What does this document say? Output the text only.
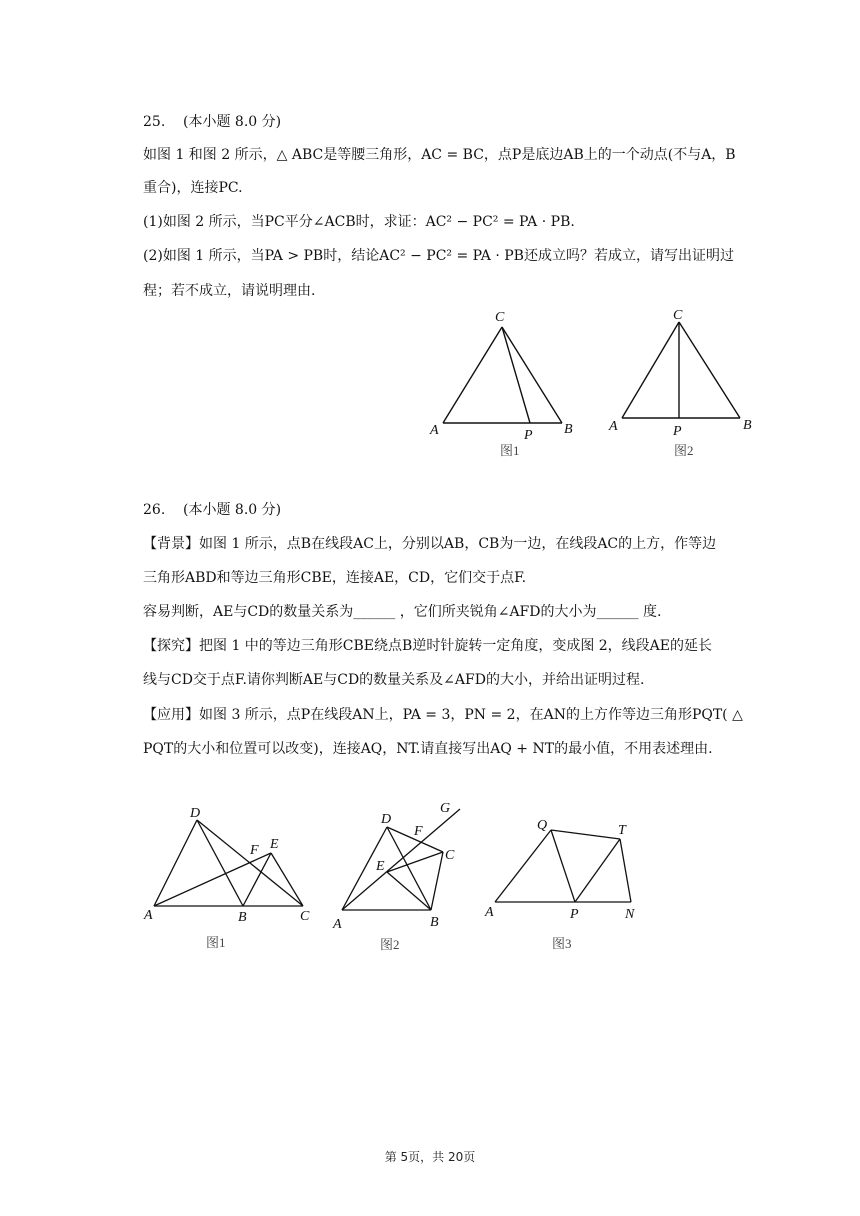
25. (本小题 8.0 分)
如图 1 和图 2 所示，△ ABC是等腰三角形，AC = BC，点P是底边AB上的一个动点(不与A，B
重合)，连接PC.
(1)如图 2 所示，当PC平分∠ACB时，求证：AC² − PC² = PA · PB.
(2)如图 1 所示，当PA > PB时，结论AC² − PC² = PA · PB还成立吗？若成立，请写出证明过
程；若不成立，请说明理由.
C
A	P B
图1
C
A	P	B
图2
26. (本小题 8.0 分)
【背景】如图 1 所示，点B在线段AC上，分别以AB，CB为一边，在线段AC的上方，作等边
三角形ABD和等边三角形CBE，连接AE，CD，它们交于点F.
容易判断，AE与CD的数量关系为______ ，它们所夹锐角∠AFD的大小为______ 度.
【探究】把图 1 中的等边三角形CBE绕点B逆时针旋转一定角度，变成图 2，线段AE的延长
线与CD交于点F.请你判断AE与CD的数量关系及∠AFD的大小，并给出证明过程.
【应用】如图 3 所示，点P在线段AN上，PA = 3，PN = 2，在AN的上方作等边三角形PQT( △
PQT的大小和位置可以改变)，连接AQ，NT.请直接写出AQ + NT的最小值，不用表述理由.
D
F E
A	B	C
图1
G
D
F
C
E
A	B
图2
Q	T
A	P	N
图3
第 5页，共 20页
